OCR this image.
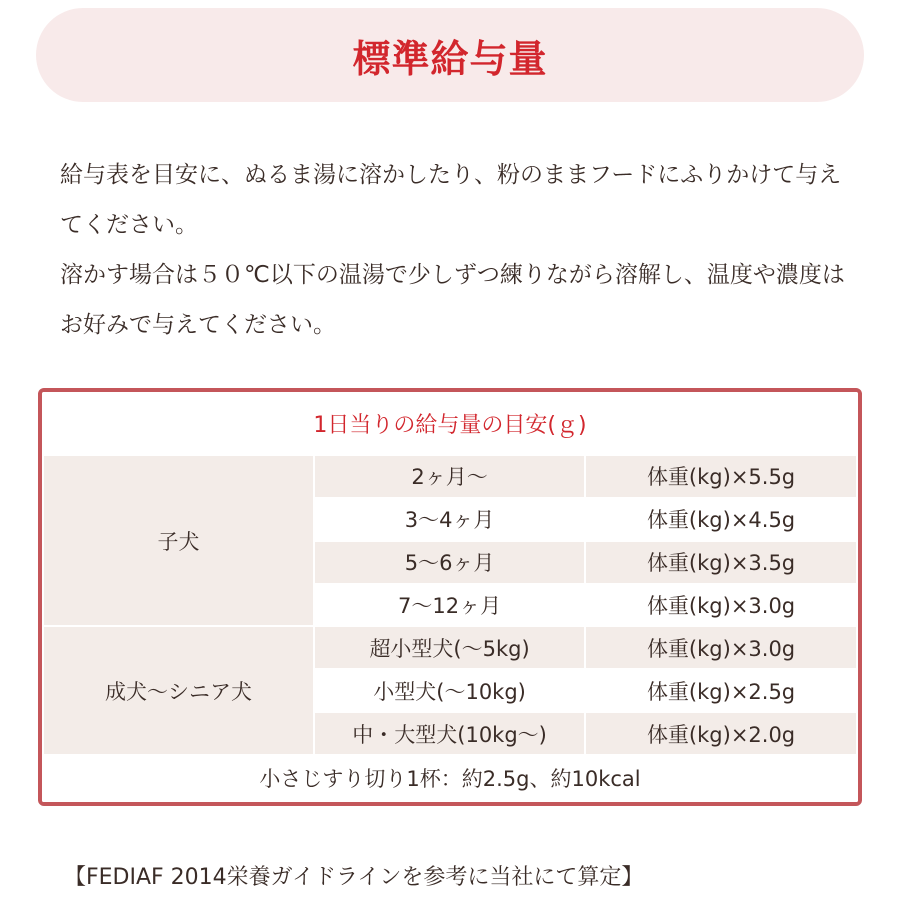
標準給与量

給与表を目安に、ぬるま湯に溶かしたり、粉のままフードにふりかけて与えてください。

溶かす場合は５０℃以下の温湯で少しずつ練りながら溶解し、温度や濃度はお好みで与えてください。

1日当りの給与量の目安(ｇ)		
子犬	2ヶ月〜	体重(kg)×5.5g
	3〜4ヶ月	体重(kg)×4.5g
	5〜6ヶ月	体重(kg)×3.5g
	7〜12ヶ月	体重(kg)×3.0g
成犬〜シニア犬	超小型犬(〜5kg)	体重(kg)×3.0g
	小型犬(〜10kg)	体重(kg)×2.5g
	中・大型犬(10kg〜)	体重(kg)×2.0g
小さじすり切り1杯：約2.5g、約10kcal		
【FEDIAF 2014栄養ガイドラインを参考に当社にて算定】
